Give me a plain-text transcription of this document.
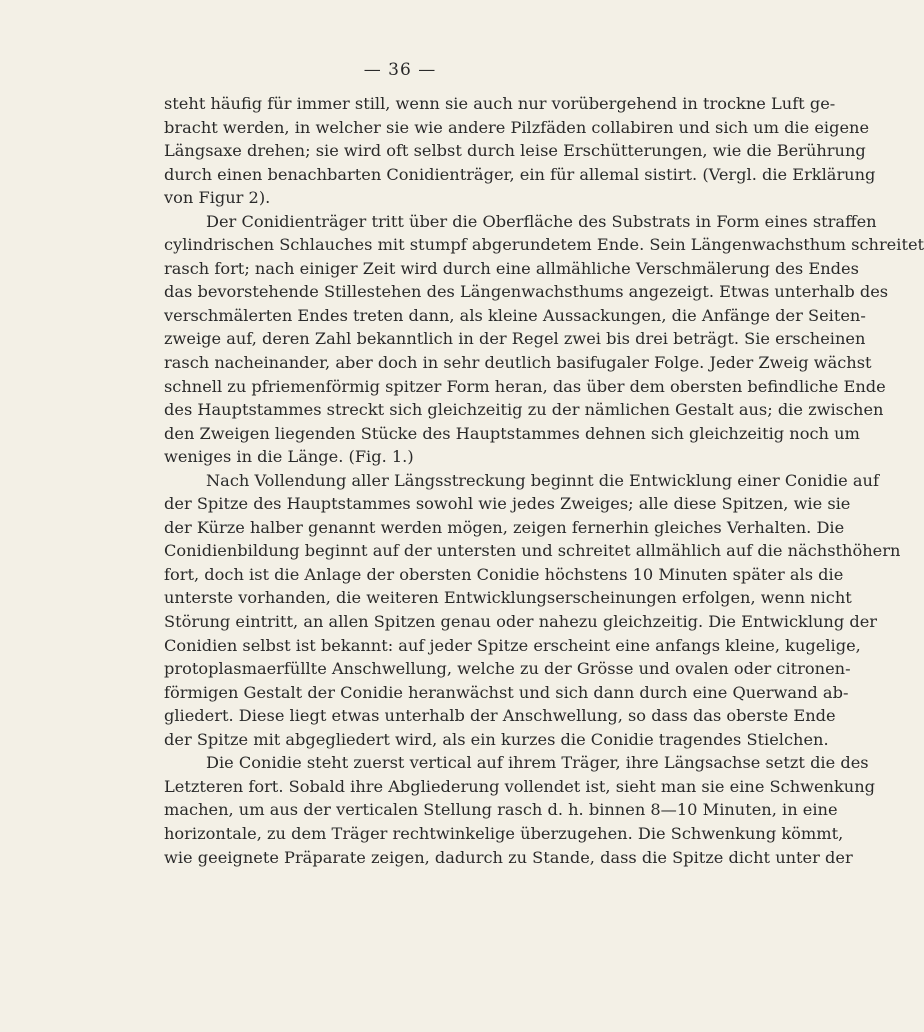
— 36 —
steht häufig für immer still, wenn sie auch nur vorübergehend in trockne Luft ge-
bracht werden, in welcher sie wie andere Pilzfäden collabiren und sich um die eigene
Längsaxe drehen; sie wird oft selbst durch leise Erschütterungen, wie die Berührung
durch einen benachbarten Conidienträger, ein für allemal sistirt. (Vergl. die Erklärung
von Figur 2).
Der Conidienträger tritt über die Oberfläche des Substrats in Form eines straffen
cylindrischen Schlauches mit stumpf abgerundetem Ende. Sein Längenwachsthum schreitet
rasch fort; nach einiger Zeit wird durch eine allmähliche Verschmälerung des Endes
das bevorstehende Stillestehen des Längenwachsthums angezeigt. Etwas unterhalb des
verschmälerten Endes treten dann, als kleine Aussackungen, die Anfänge der Seiten-
zweige auf, deren Zahl bekanntlich in der Regel zwei bis drei beträgt. Sie erscheinen
rasch nacheinander, aber doch in sehr deutlich basifugaler Folge. Jeder Zweig wächst
schnell zu pfriemenförmig spitzer Form heran, das über dem obersten befindliche Ende
des Hauptstammes streckt sich gleichzeitig zu der nämlichen Gestalt aus; die zwischen
den Zweigen liegenden Stücke des Hauptstammes dehnen sich gleichzeitig noch um
weniges in die Länge. (Fig. 1.)
Nach Vollendung aller Längsstreckung beginnt die Entwicklung einer Conidie auf
der Spitze des Hauptstammes sowohl wie jedes Zweiges; alle diese Spitzen, wie sie
der Kürze halber genannt werden mögen, zeigen fernerhin gleiches Verhalten. Die
Conidienbildung beginnt auf der untersten und schreitet allmählich auf die nächsthöhern
fort, doch ist die Anlage der obersten Conidie höchstens 10 Minuten später als die
unterste vorhanden, die weiteren Entwicklungserscheinungen erfolgen, wenn nicht
Störung eintritt, an allen Spitzen genau oder nahezu gleichzeitig. Die Entwicklung der
Conidien selbst ist bekannt: auf jeder Spitze erscheint eine anfangs kleine, kugelige,
protoplasmaerfüllte Anschwellung, welche zu der Grösse und ovalen oder citronen-
förmigen Gestalt der Conidie heranwächst und sich dann durch eine Querwand ab-
gliedert. Diese liegt etwas unterhalb der Anschwellung, so dass das oberste Ende
der Spitze mit abgegliedert wird, als ein kurzes die Conidie tragendes Stielchen.
Die Conidie steht zuerst vertical auf ihrem Träger, ihre Längsachse setzt die des
Letzteren fort. Sobald ihre Abgliederung vollendet ist, sieht man sie eine Schwenkung
machen, um aus der verticalen Stellung rasch d. h. binnen 8—10 Minuten, in eine
horizontale, zu dem Träger rechtwinkelige überzugehen. Die Schwenkung kömmt,
wie geeignete Präparate zeigen, dadurch zu Stande, dass die Spitze dicht unter der
